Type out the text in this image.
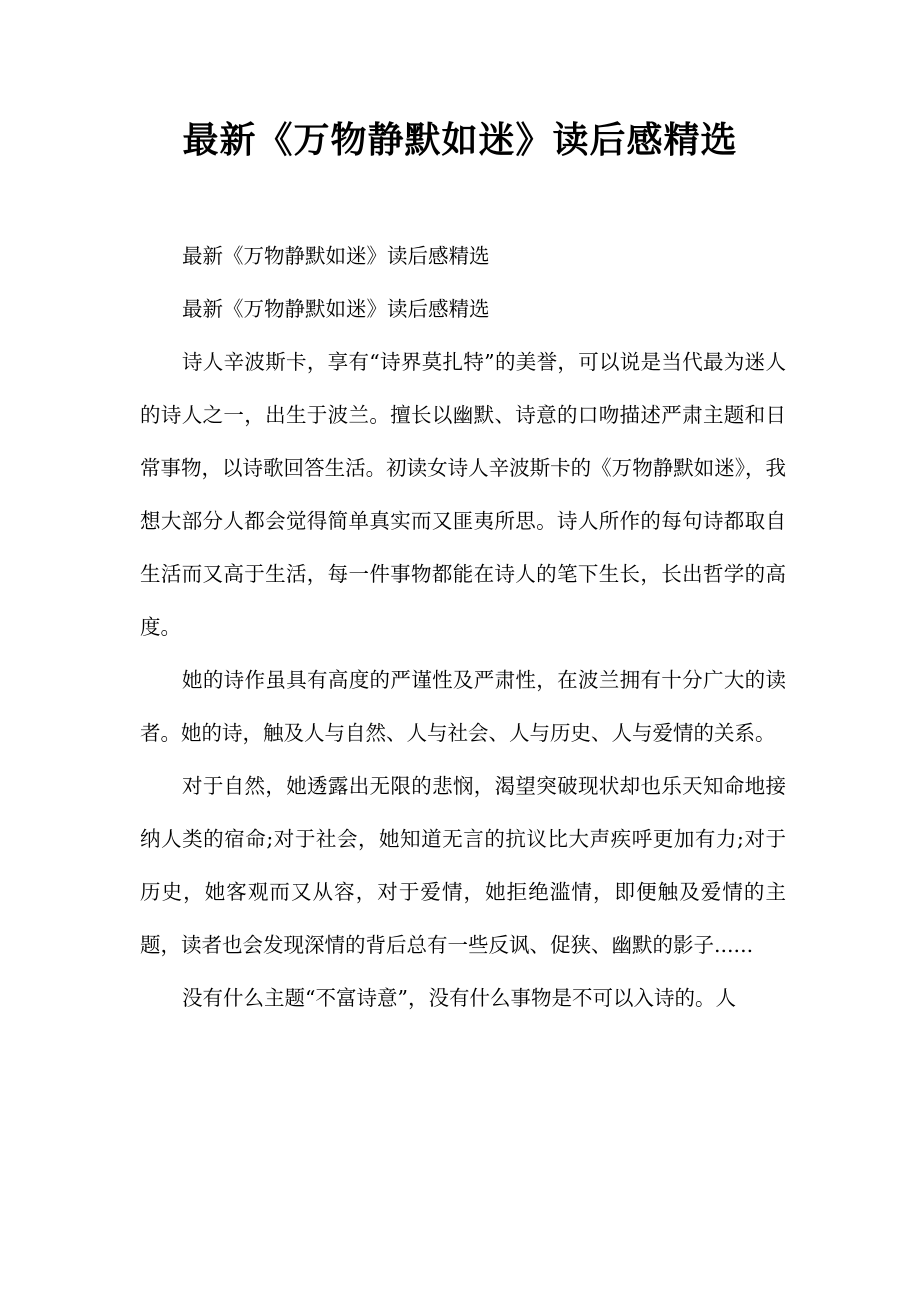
最新《万物静默如迷》读后感精选

最新《万物静默如迷》读后感精选

最新《万物静默如迷》读后感精选

诗人辛波斯卡，享有“诗界莫扎特”的美誉，可以说是当代最为迷人的诗人之一，出生于波兰。擅长以幽默、诗意的口吻描述严肃主题和日常事物，以诗歌回答生活。初读女诗人辛波斯卡的《万物静默如迷》，我想大部分人都会觉得简单真实而又匪夷所思。诗人所作的每句诗都取自生活而又高于生活，每一件事物都能在诗人的笔下生长，长出哲学的高度。

她的诗作虽具有高度的严谨性及严肃性，在波兰拥有十分广大的读者。她的诗，触及人与自然、人与社会、人与历史、人与爱情的关系。

对于自然，她透露出无限的悲悯，渴望突破现状却也乐天知命地接纳人类的宿命;对于社会，她知道无言的抗议比大声疾呼更加有力;对于历史，她客观而又从容，对于爱情，她拒绝滥情，即便触及爱情的主题，读者也会发现深情的背后总有一些反讽、促狭、幽默的影子......

没有什么主题“不富诗意”，没有什么事物是不可以入诗的。人
